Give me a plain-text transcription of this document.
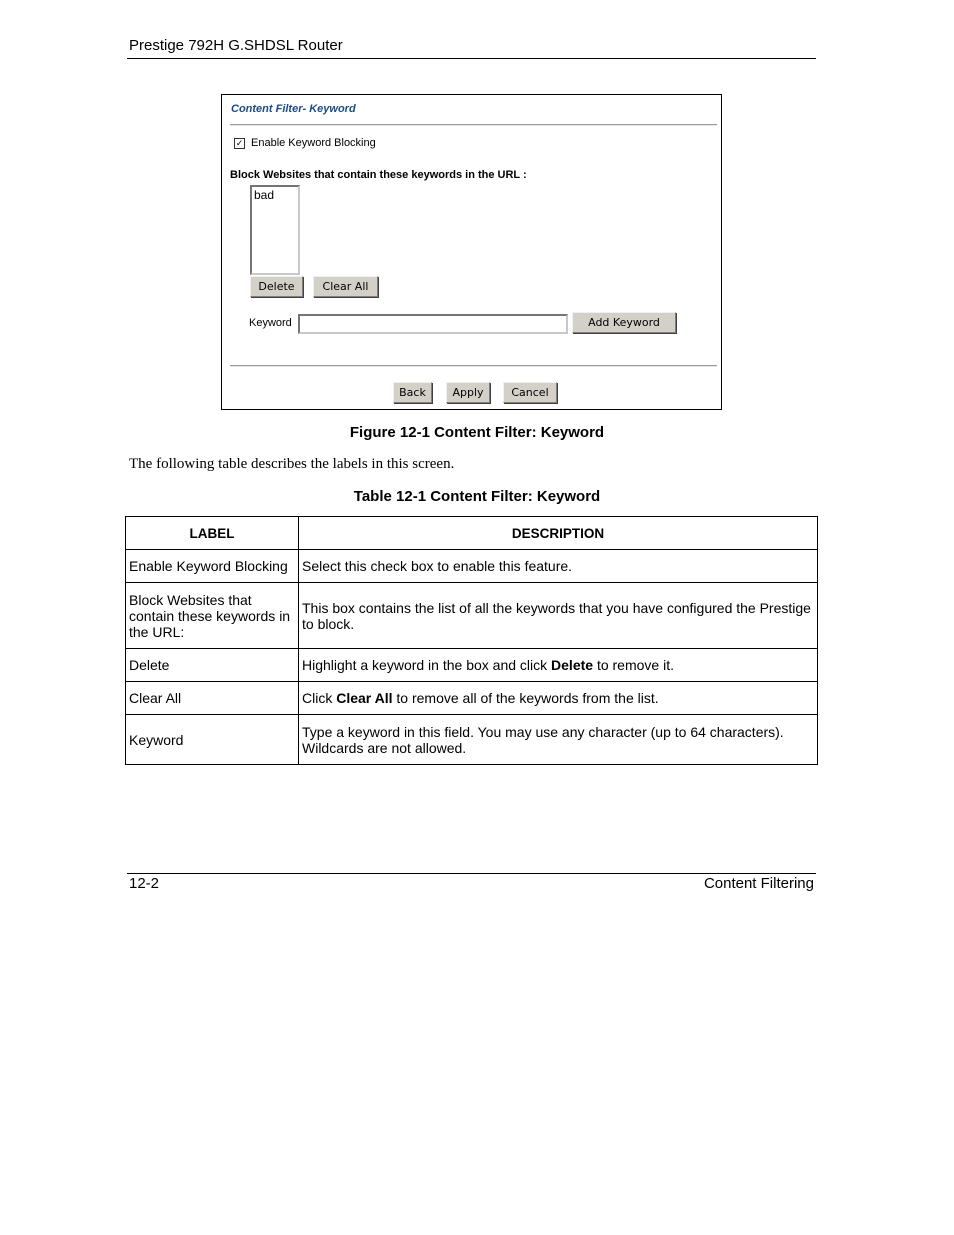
Prestige 792H G.SHDSL Router
Content Filter- Keyword
✓ Enable Keyword Blocking
Block Websites that contain these keywords in the URL :
bad
Delete	Clear All
Keyword	Add Keyword
Back	Apply	Cancel
Figure 12-1 Content Filter: Keyword
The following table describes the labels in this screen.
Table 12-1 Content Filter: Keyword
LABEL	DESCRIPTION
Enable Keyword Blocking	Select this check box to enable this feature.
Block Websites that contain these keywords in the URL:	This box contains the list of all the keywords that you have configured the Prestige to block.
Delete	Highlight a keyword in the box and click Delete to remove it.
Clear All	Click Clear All to remove all of the keywords from the list.
Keyword	Type a keyword in this field. You may use any character (up to 64 characters). Wildcards are not allowed.
12-2	Content Filtering
